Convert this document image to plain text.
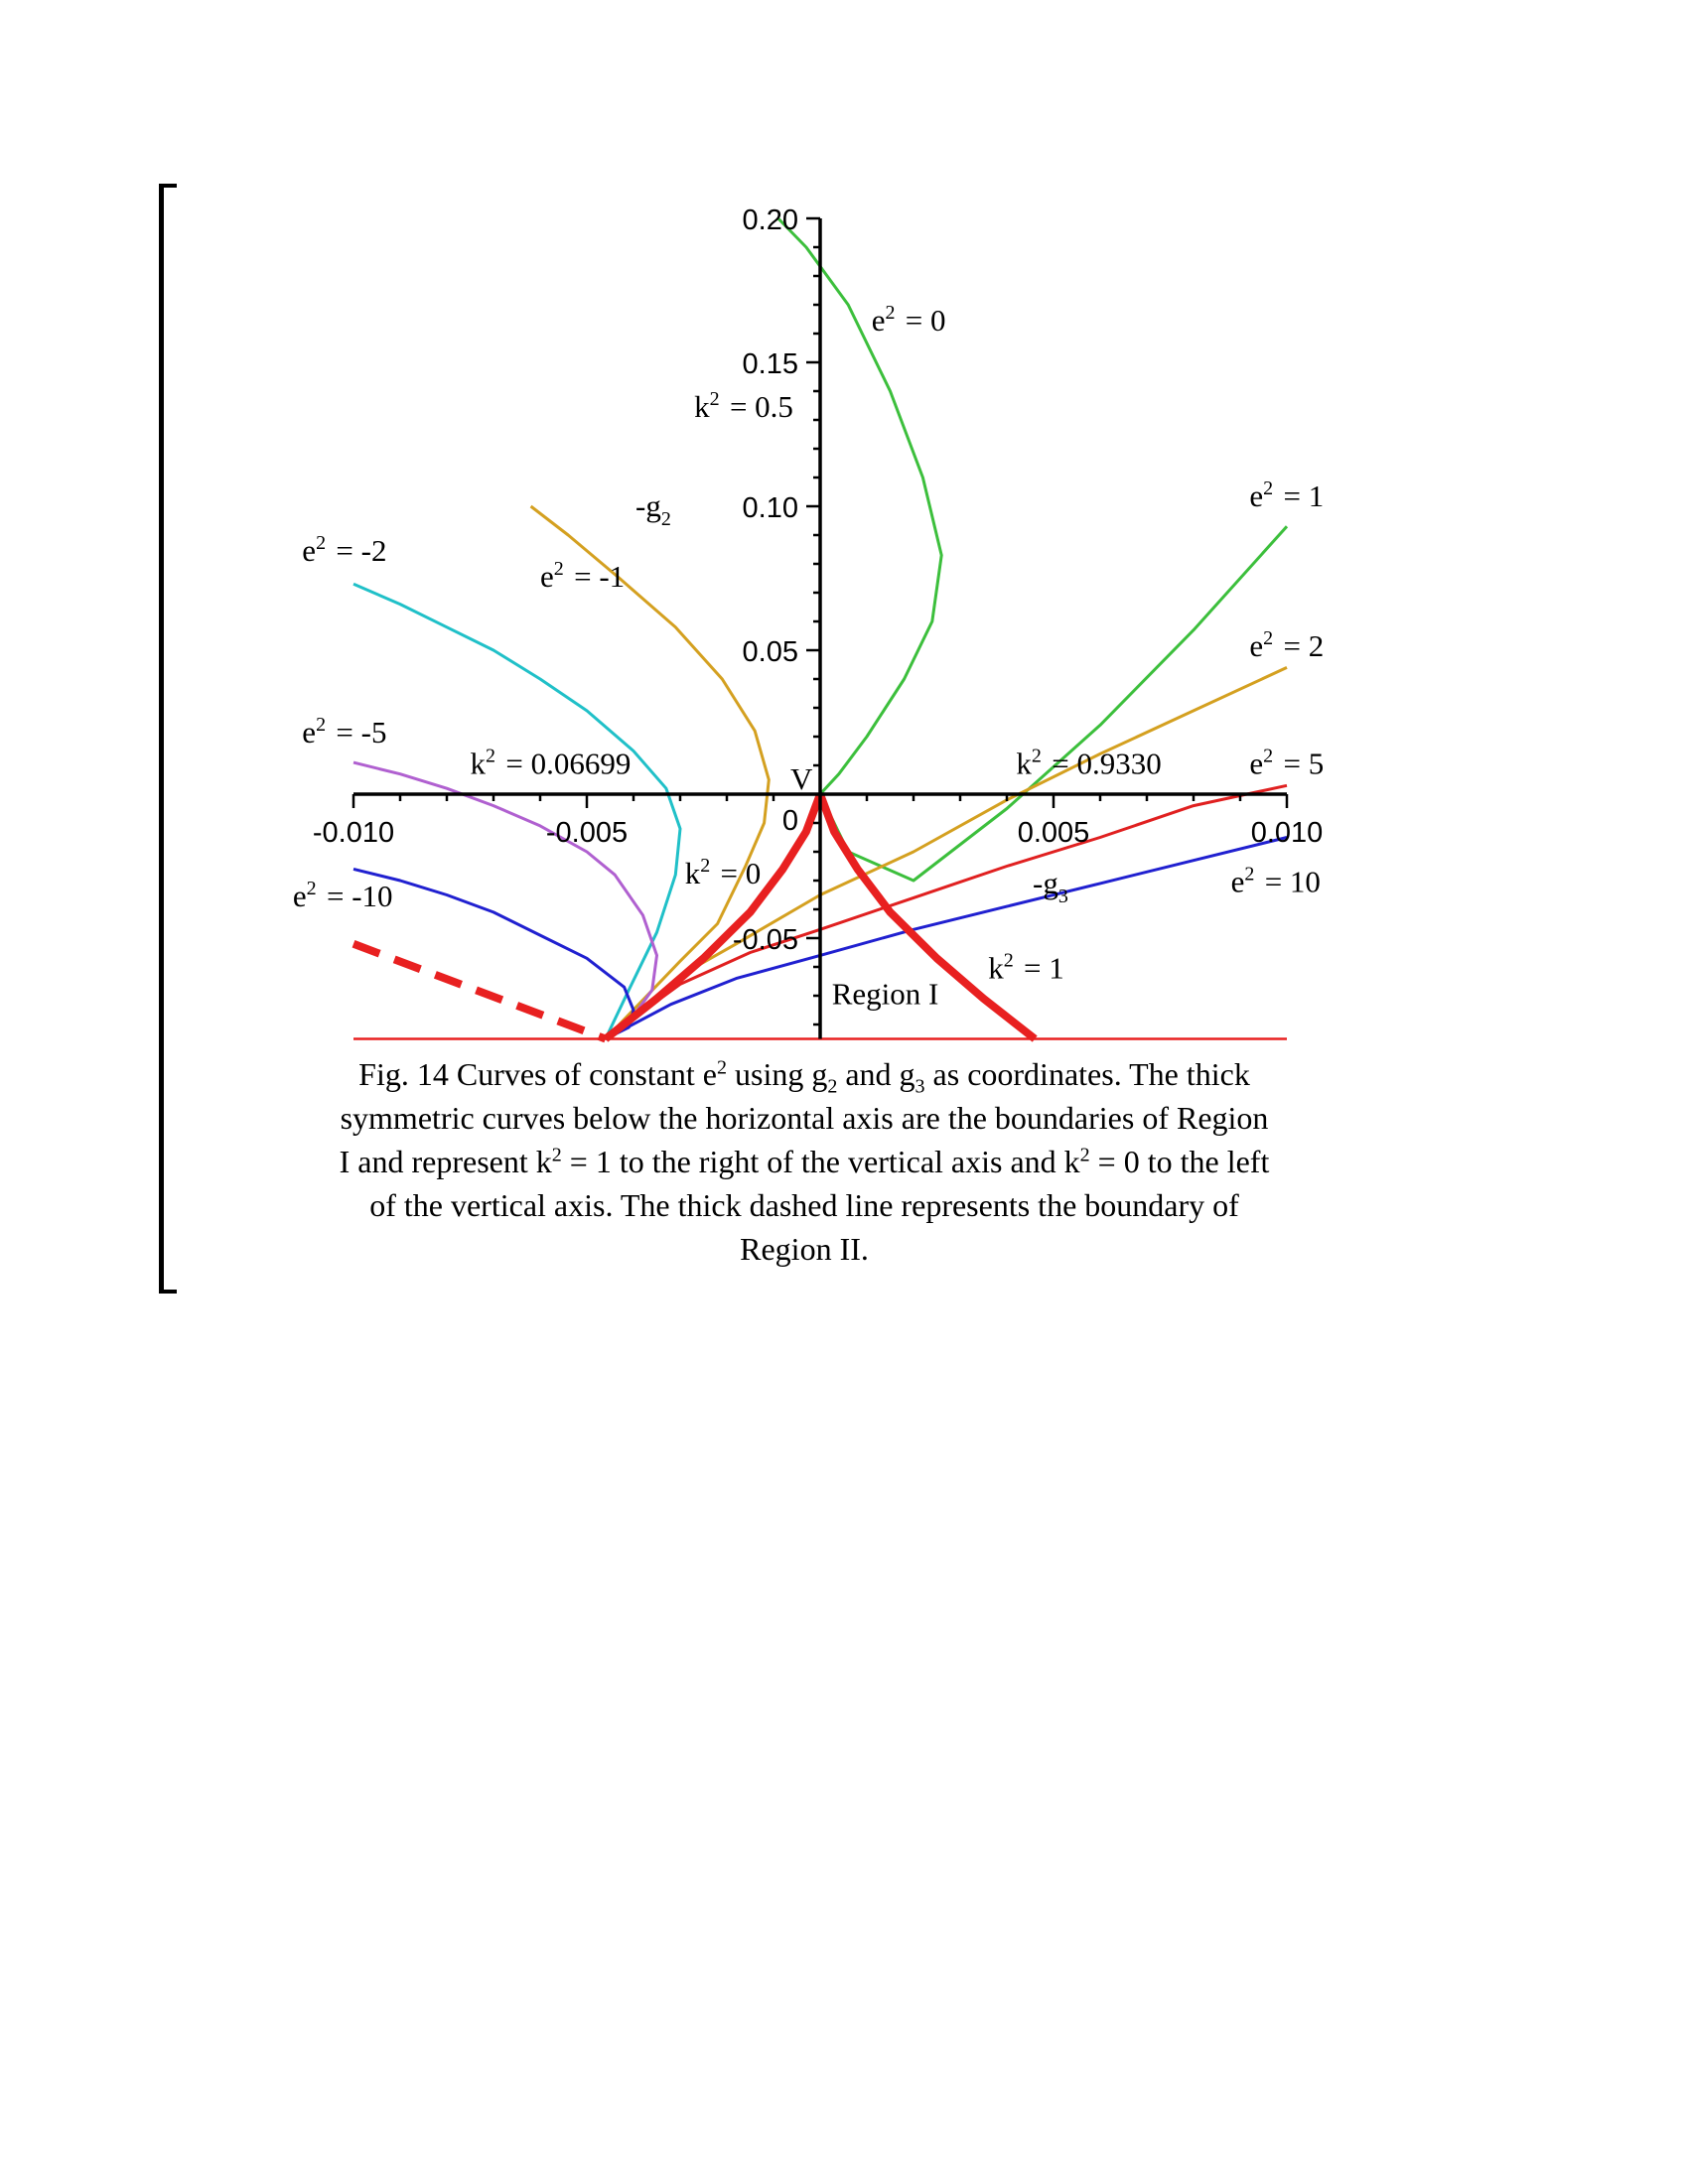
-0.010	-0.005	0.005	0.010
0.20
0.15
0.10
0.05
0
-0.05
$-g_2$
$-g_3$
V
$e^2$  = 0
$e^2$  = 1
$e^2$  = -2
$e^2$  = -1
$e^2$  = 2
$e^2$  = -5
$e^2$  = 5
$k^2$  = 0.06699	$k^2$  = 0.9330
$k^2$  = 0.5
$k^2$  = 0
$k^2$  = 1
$e^2$  = 10
$e^2$  = -10
Region I

Fig. 14 Curves of constant $e^2$ using $g_2$ and $g_3$ as coordinates. The thick

symmetric curves below the horizontal axis are the boundaries of Region

I and represent $k^2 = 1$ to the right of the vertical axis and $k^2 = 0$ to the left

of the vertical axis. The thick dashed line represents the boundary of

Region II.
